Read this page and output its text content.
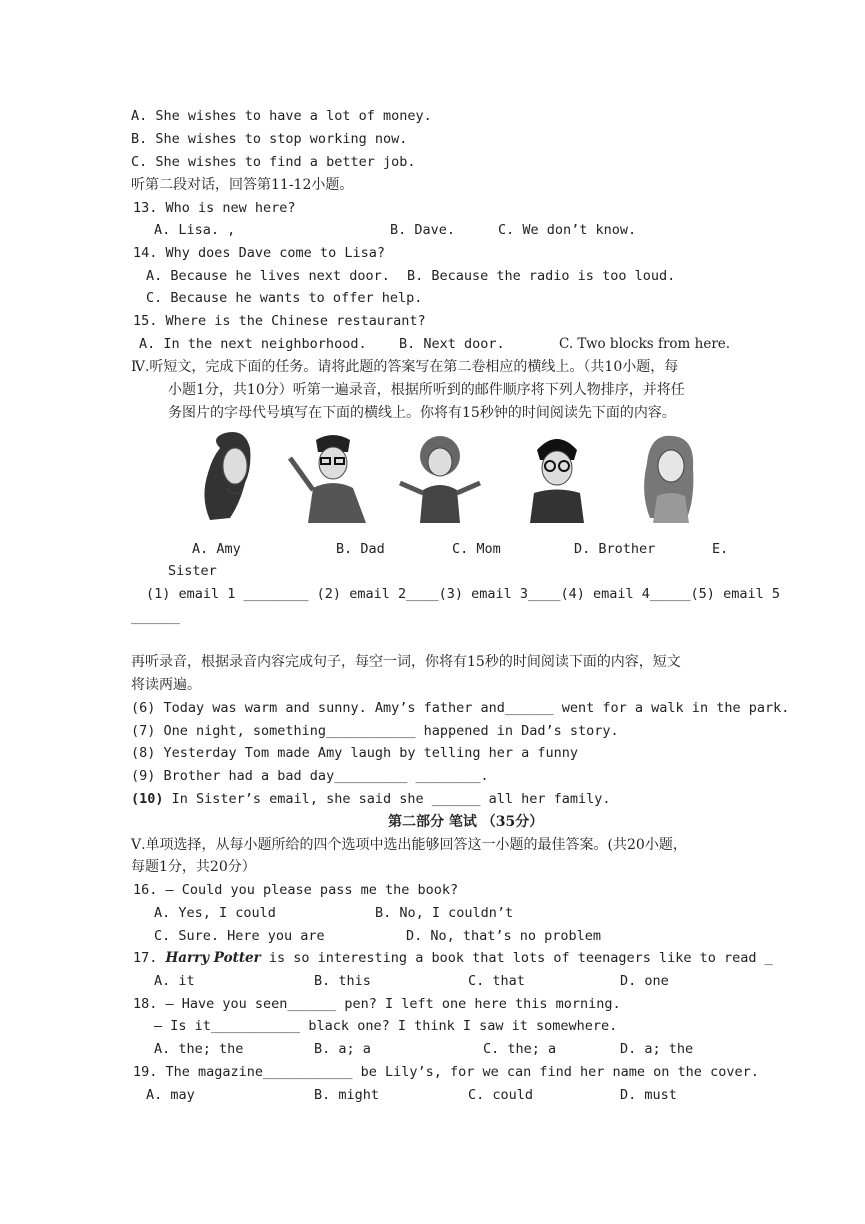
A. She wishes to have a lot of money.
B. She wishes to stop working now.
C. She wishes to find a better job.
听第二段对话，回答第11-12小题。
13. Who is new here?
A. Lisa. ,	B. Dave.	C. We don’t know.
14. Why does Dave come to Lisa?
A. Because he lives next door. B. Because the radio is too loud.
C. Because he wants to offer help.
15. Where is the Chinese restaurant?
A. In the next neighborhood. B. Next door.	C. Two blocks from here.
Ⅳ.听短文，完成下面的任务。请将此题的答案写在第二卷相应的横线上。（共10小题，每
小题1分，共10分）听第一遍录音，根据所听到的邮件顺序将下列人物排序，并将任
务图片的字母代号填写在下面的横线上。你将有15秒钟的时间阅读先下面的内容。
A. Amy	B. Dad	C. Mom	D. Brother	E.
Sister
(1) email 1 ________ (2) email 2____(3) email 3____(4) email 4_____(5) email 5
______
再听录音，根据录音内容完成句子，每空一词，你将有15秒的时间阅读下面的内容，短文
将读两遍。
(6) Today was warm and sunny. Amy’s father and______ went for a walk in the park.
(7) One night, something___________ happened in Dad’s story.
(8) Yesterday Tom made Amy laugh by telling her a funny
(9) Brother had a bad day_________ ________.
(10) In Sister’s email, she said she ______ all her family.
第二部分 笔试 （35分）
Ⅴ.单项选择，从每小题所给的四个选项中选出能够回答这一小题的最佳答案。(共20小题，
每题1分，共20分）
16. — Could you please pass me the book?
A. Yes, I could	B. No, I couldn’t
C. Sure. Here you are	D. No, that’s no problem
17. Harry Potter is so interesting a book that lots of teenagers like to read _
A. it	B. this	C. that	D. one
18. — Have you seen______ pen? I left one here this morning.
— Is it___________ black one? I think I saw it somewhere.
A. the; the	B. a; a	C. the; a	D. a; the
19. The magazine___________ be Lily’s, for we can find her name on the cover.
A. may	B. might	C. could	D. must
